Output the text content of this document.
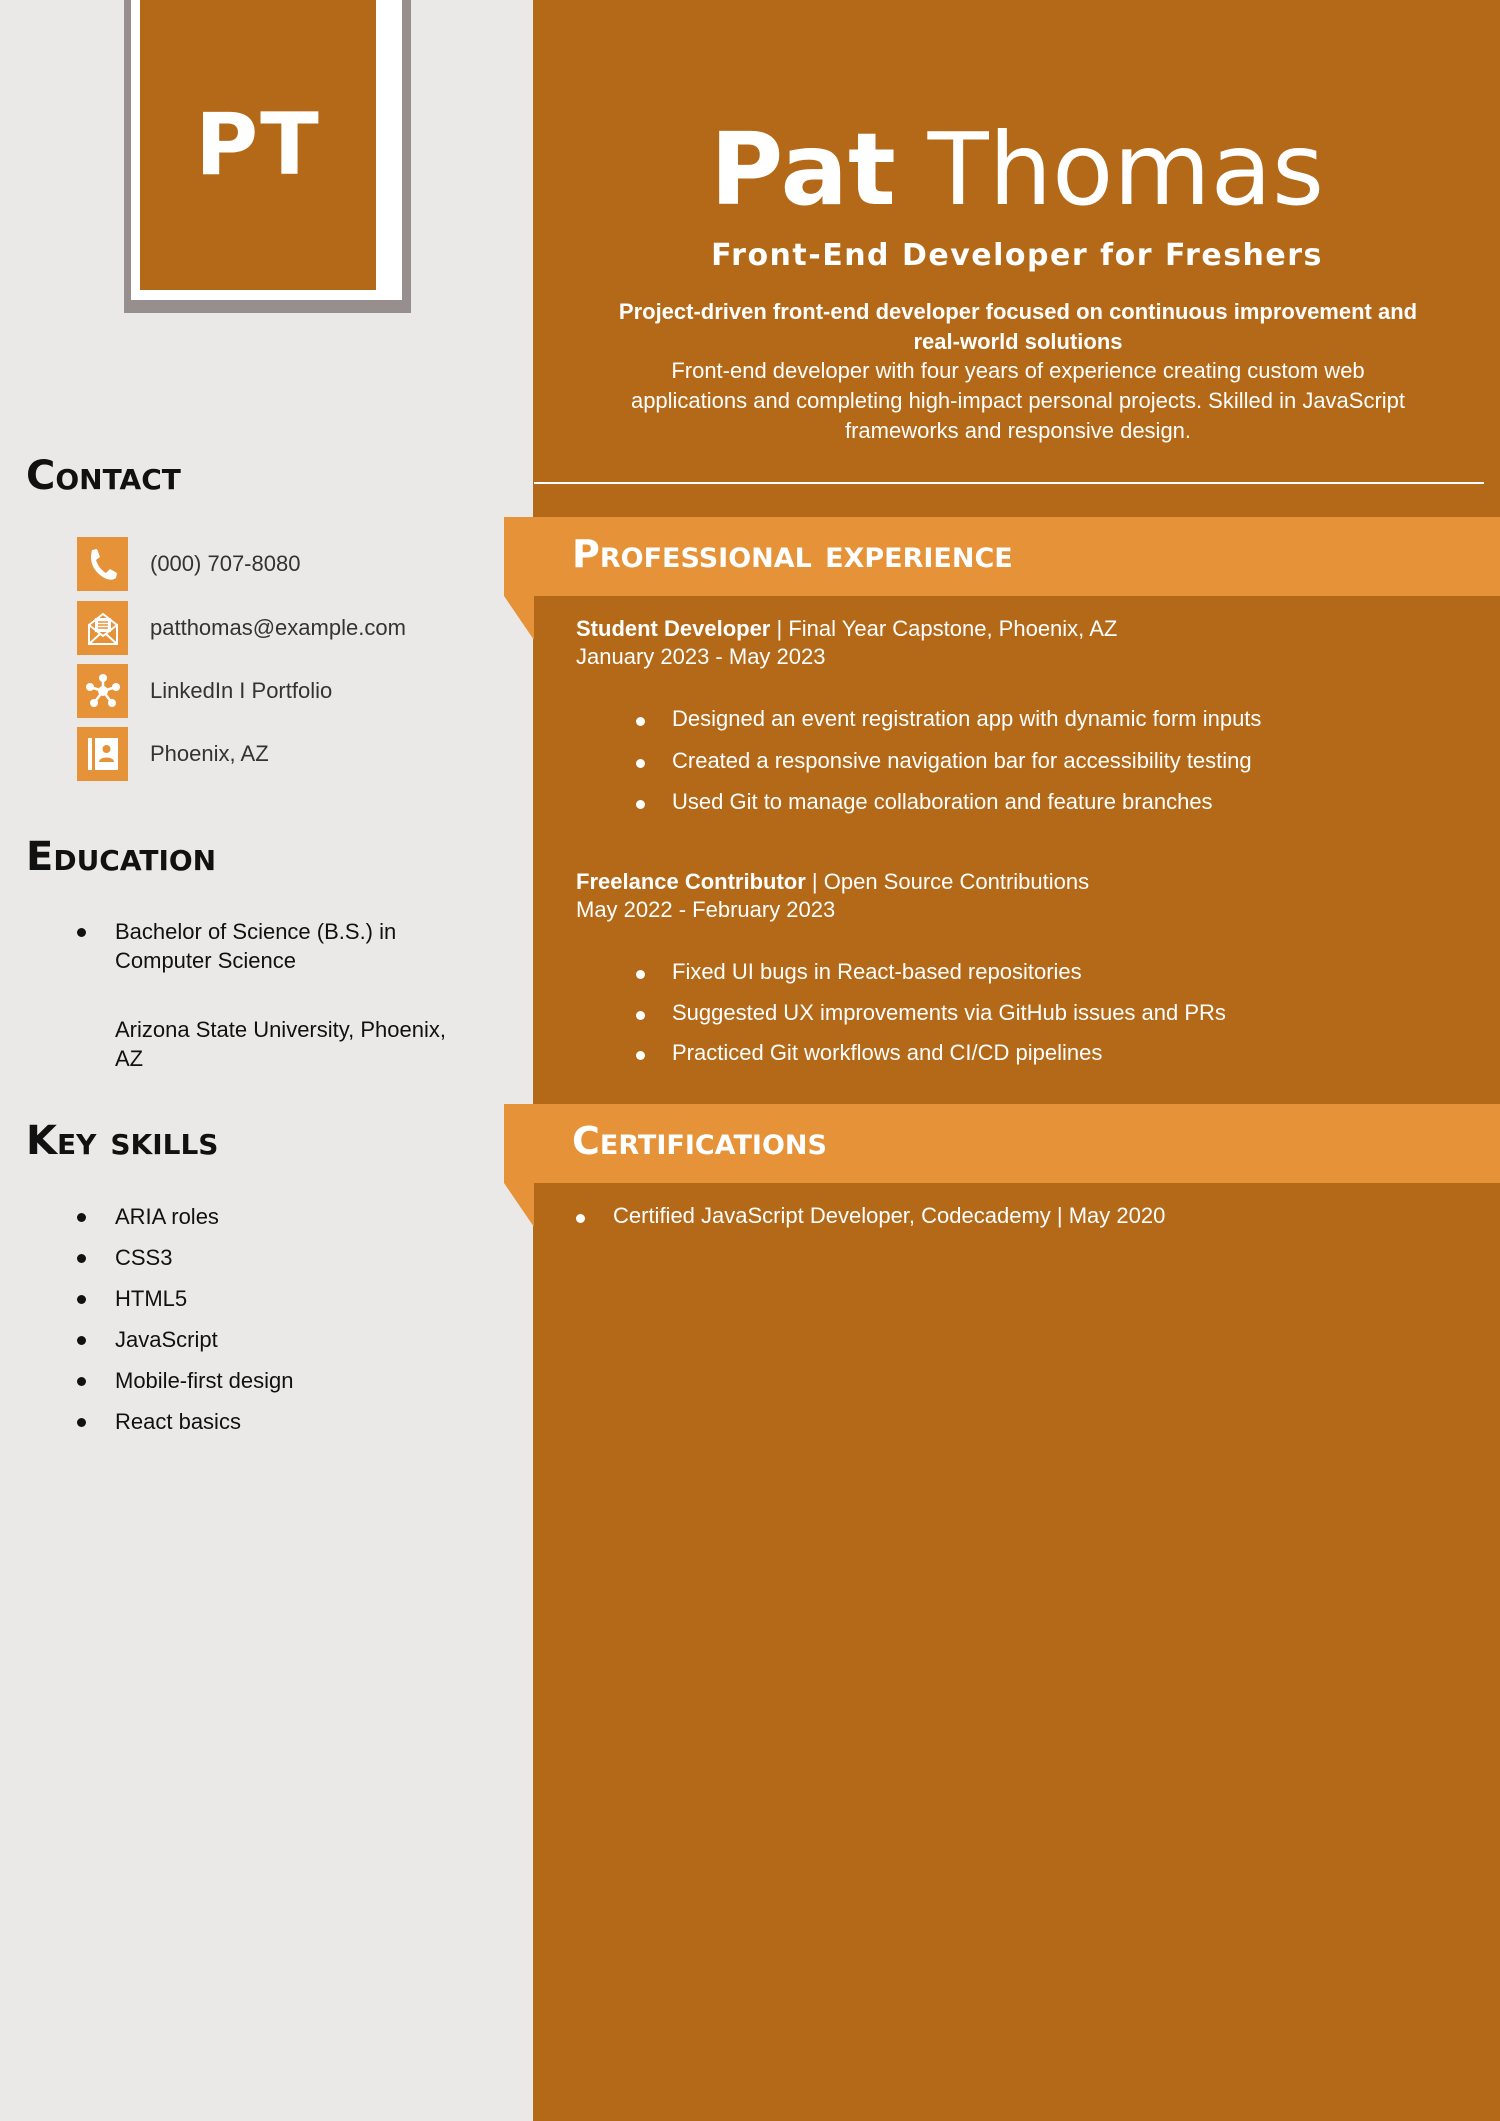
PT
Contact
(000) 707-8080
patthomas@example.com
LinkedIn I Portfolio
Phoenix, AZ
Education
Bachelor of Science (B.S.) in
Computer Science
Arizona State University, Phoenix,
AZ
Key skills
ARIA roles
CSS3
HTML5
JavaScript
Mobile-first design
React basics
Pat Thomas
Front-End Developer for Freshers
Project-driven front-end developer focused on continuous improvement and
real-world solutions
Front-end developer with four years of experience creating custom web
applications and completing high-impact personal projects. Skilled in JavaScript
frameworks and responsive design.
Professional experience
Student Developer | Final Year Capstone, Phoenix, AZ
January 2023 - May 2023
Designed an event registration app with dynamic form inputs
Created a responsive navigation bar for accessibility testing
Used Git to manage collaboration and feature branches
Freelance Contributor | Open Source Contributions
May 2022 - February 2023
Fixed UI bugs in React-based repositories
Suggested UX improvements via GitHub issues and PRs
Practiced Git workflows and CI/CD pipelines
Certifications
Certified JavaScript Developer, Codecademy | May 2020
